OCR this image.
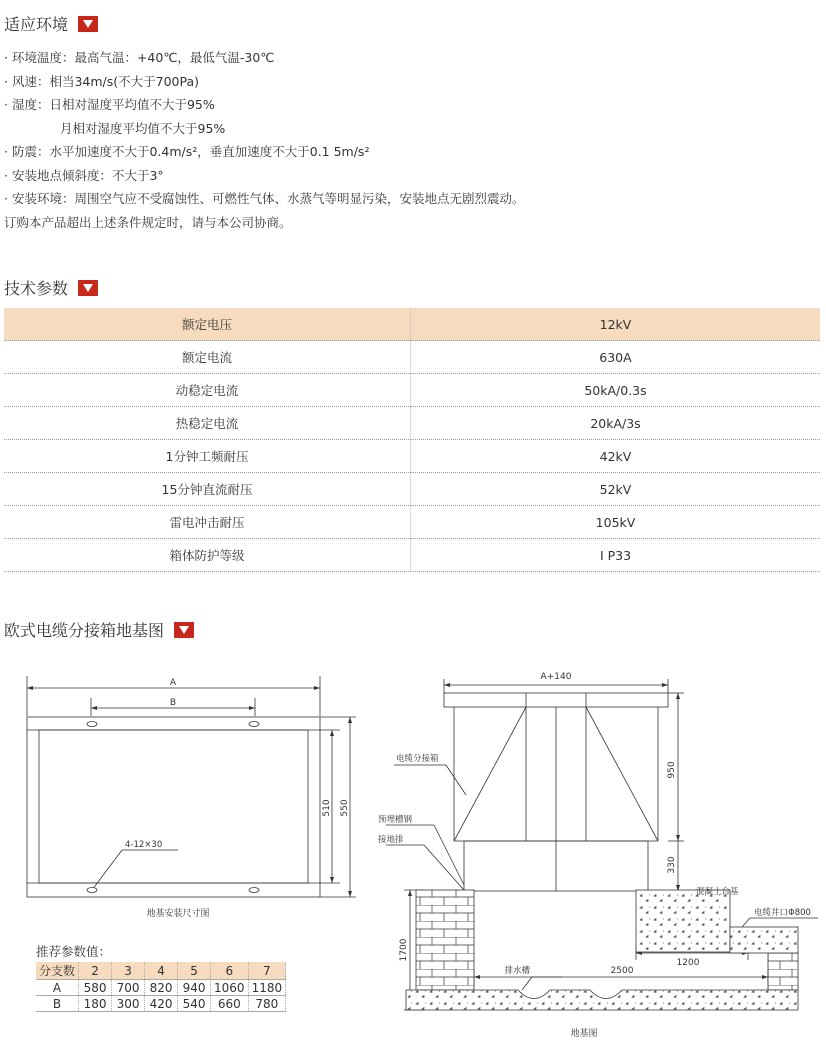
适应环境
· 环境温度：最高气温：+40℃，最低气温-30℃
· 风速：相当34m/s(不大于700Pa)
· 湿度：日相对湿度平均值不大于95%
月相对湿度平均值不大于95%
· 防震：水平加速度不大于0.4m/s²，垂直加速度不大于0.1 5m/s²
· 安装地点倾斜度：不大于3°
· 安装环境：周围空气应不受腐蚀性、可燃性气体、水蒸气等明显污染，安装地点无剧烈震动。
订购本产品超出上述条件规定时，请与本公司协商。
技术参数
额定电压	12kV
额定电流	630A
动稳定电流	50kA/0.3s
热稳定电流	20kA/3s
1分钟工频耐压	42kV
15分钟直流耐压	52kV
雷电冲击耐压	105kV
箱体防护等级	I P33
欧式电缆分接箱地基图
A
B
510 550
4-12×30
地基安装尺寸图
推荐参数值：
分支数	2	3	4	5	6	7
A	580	700	820	940	1060	1180
B	180	300	420	540	660	780
A+140
950
330
1700
1200
2500
电缆分接箱
预埋槽钢
接地排
混凝土台基
电缆井口Φ800
排水槽
地基图
